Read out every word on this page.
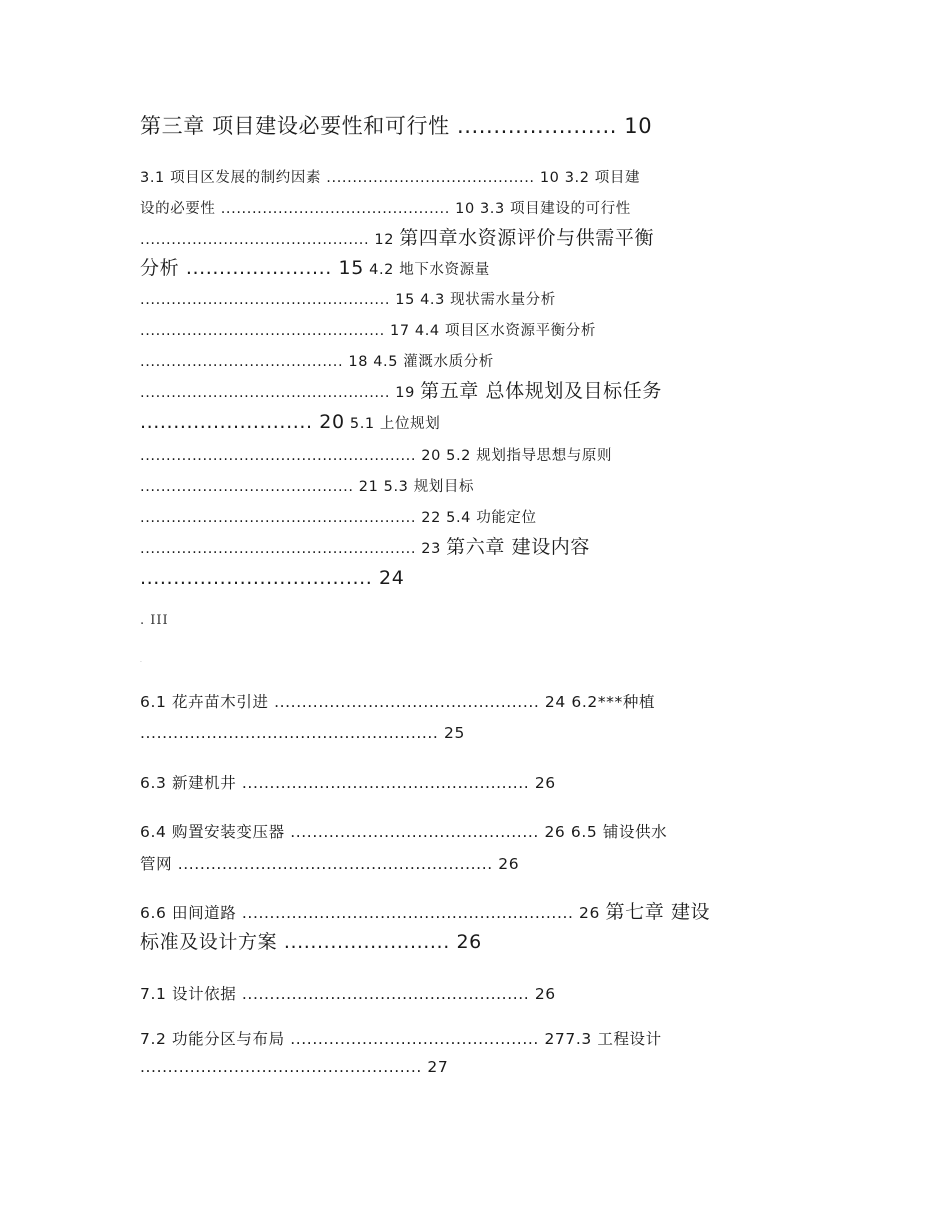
第三章 项目建设必要性和可行性 ...................... 10
3.1 项目区发展的制约因素 ........................................ 10 3.2 项目建
设的必要性 ............................................ 10 3.3 项目建设的可行性
............................................ 12 第四章水资源评价与供需平衡
分析 ...................... 15 4.2 地下水资源量
................................................ 15 4.3 现状需水量分析
............................................... 17 4.4 项目区水资源平衡分析
....................................... 18 4.5 灌溉水质分析
................................................ 19 第五章 总体规划及目标任务
.......................... 20 5.1 上位规划
..................................................... 20 5.2 规划指导思想与原则
......................................... 21 5.3 规划目标
..................................................... 22 5.4 功能定位
..................................................... 23 第六章 建设内容
................................... 24
. III
.
6.1 花卉苗木引进 ................................................ 24 6.2***种植
...................................................... 25
6.3 新建机井 .................................................... 26
6.4 购置安装变压器 ............................................. 26 6.5 铺设供水
管网 ......................................................... 26
6.6 田间道路 ............................................................ 26 第七章 建设
标准及设计方案 ......................... 26
7.1 设计依据 .................................................... 26
7.2 功能分区与布局 ............................................. 277.3 工程设计
................................................... 27
